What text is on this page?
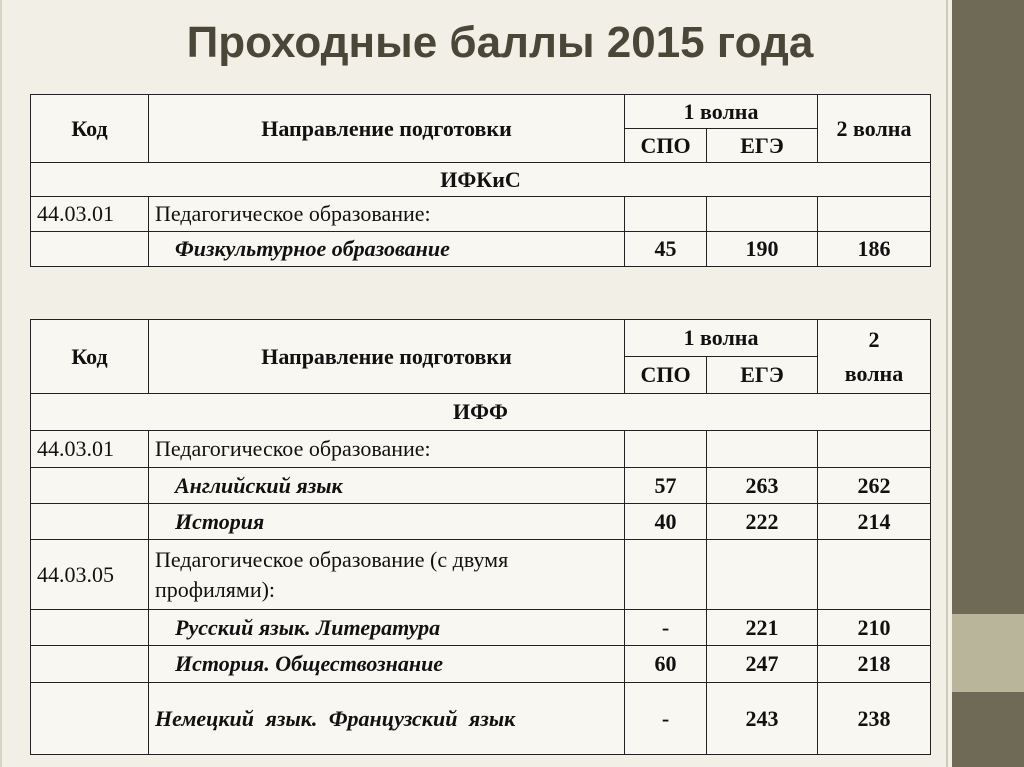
Проходные баллы 2015 года
Код	Направление подготовки	1 волна		2 волна
		СПО	ЕГЭ	
ИФКиС				
44.03.01	Педагогическое образование:			
	Физкультурное образование	45	190	186
Код	Направление подготовки	1 волна		2
волна

		СПО	ЕГЭ	
ИФФ				
44.03.01	Педагогическое образование:			
	Английский язык	57	263	262
	История	40	222	214
44.03.05	Педагогическое образование (с двумя профилями):			
	Русский язык. Литература	-	221	210
	История. Обществознание	60	247	218
	Немецкий язык. Французский язык	-	243	238
